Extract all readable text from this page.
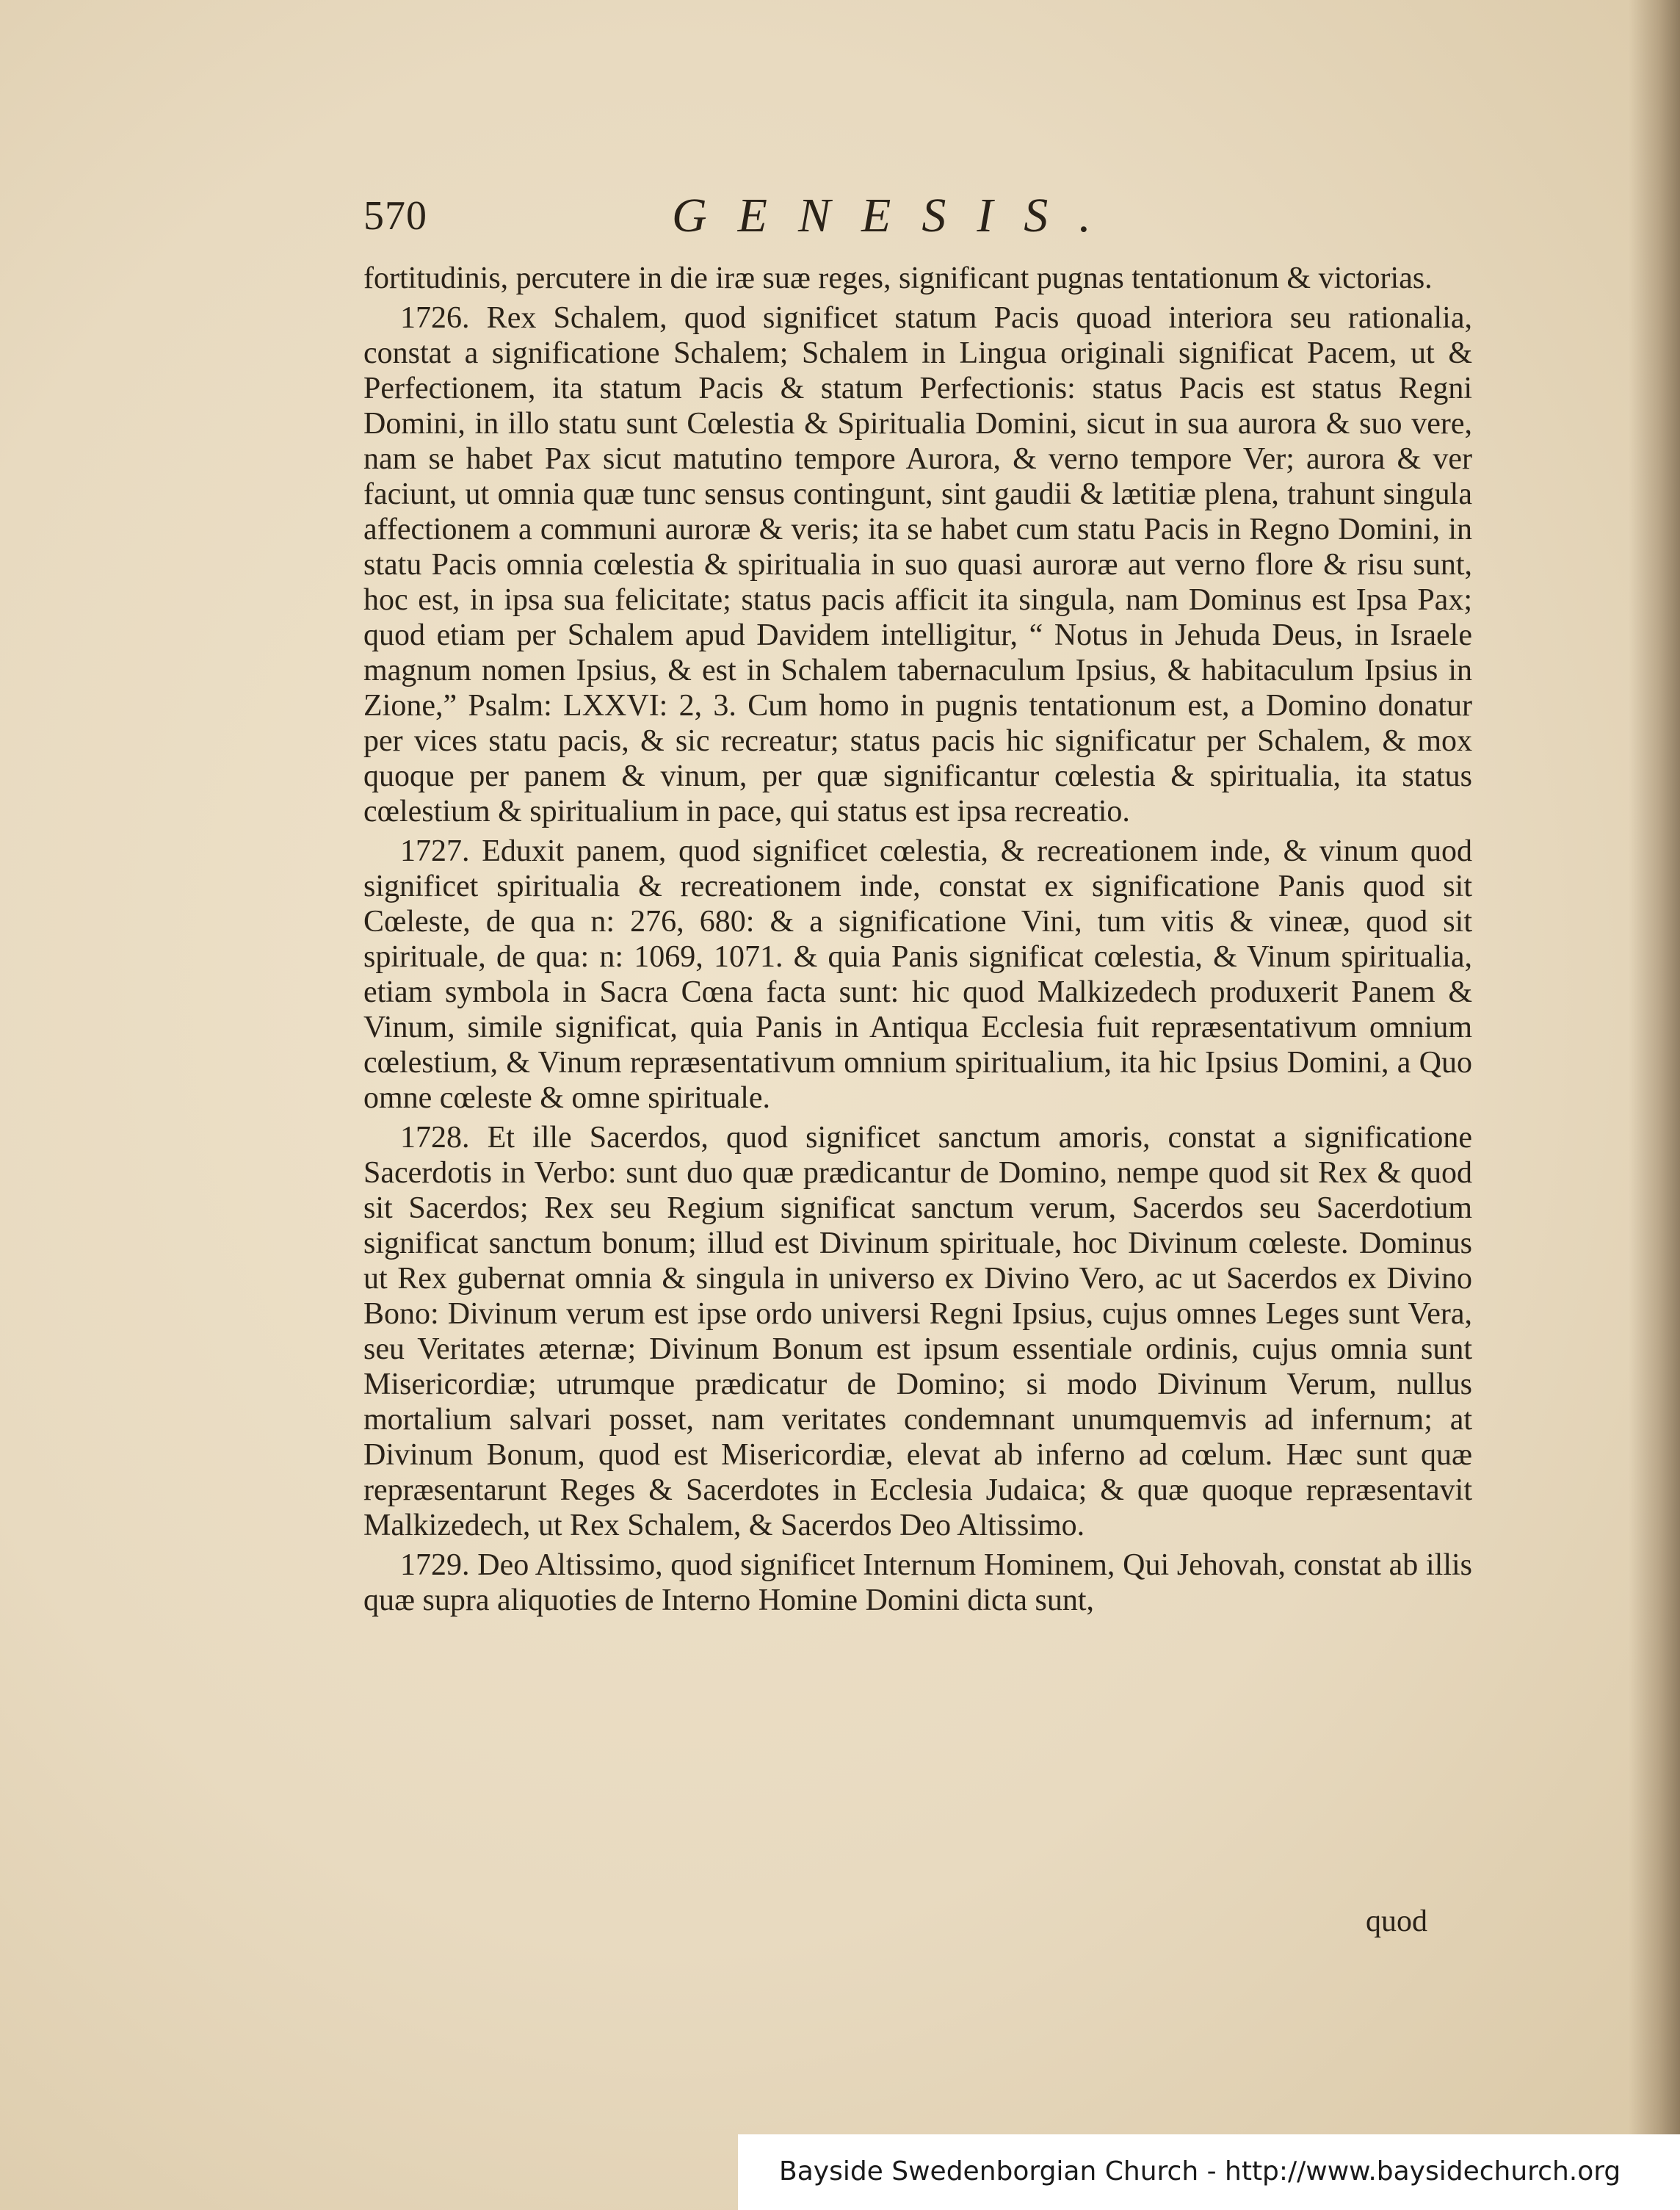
570	GENESIS.

fortitudinis, percutere in die iræ suæ reges, significant pugnas tentationum & victorias.

1726. Rex Schalem, quod significet statum Pacis quoad interiora seu rationalia, constat a significatione Schalem; Schalem in Lingua originali significat Pacem, ut & Perfectionem, ita statum Pacis & statum Perfectionis: status Pacis est status Regni Domini, in illo statu sunt Cœlestia & Spiritualia Domini, sicut in sua aurora & suo vere, nam se habet Pax sicut matutino tempore Aurora, & verno tempore Ver; aurora & ver faciunt, ut omnia quæ tunc sensus contingunt, sint gaudii & lætitiæ plena, trahunt singula affectionem a communi auroræ & veris; ita se habet cum statu Pacis in Regno Domini, in statu Pacis omnia cœlestia & spiritualia in suo quasi auroræ aut verno flore & risu sunt, hoc est, in ipsa sua felicitate; status pacis afficit ita singula, nam Dominus est Ipsa Pax; quod etiam per Schalem apud Davidem intelligitur, “ Notus in Jehuda Deus, in Israele magnum nomen Ipsius, & est in Schalem tabernaculum Ipsius, & habitaculum Ipsius in Zione,” Psalm: LXXVI: 2, 3. Cum homo in pugnis tentationum est, a Domino donatur per vices statu pacis, & sic recreatur; status pacis hic significatur per Schalem, & mox quoque per panem & vinum, per quæ significantur cœlestia & spiritualia, ita status cœlestium & spiritualium in pace, qui status est ipsa recreatio.

1727. Eduxit panem, quod significet cœlestia, & recreationem inde, & vinum quod significet spiritualia & recreationem inde, constat ex significatione Panis quod sit Cœleste, de qua n: 276, 680: & a significatione Vini, tum vitis & vineæ, quod sit spirituale, de qua: n: 1069, 1071. & quia Panis significat cœlestia, & Vinum spiritualia, etiam symbola in Sacra Cœna facta sunt: hic quod Malkizedech produxerit Panem & Vinum, simile significat, quia Panis in Antiqua Ecclesia fuit repræsentativum omnium cœlestium, & Vinum repræsentativum omnium spiritualium, ita hic Ipsius Domini, a Quo omne cœleste & omne spirituale.

1728. Et ille Sacerdos, quod significet sanctum amoris, constat a significatione Sacerdotis in Verbo: sunt duo quæ prædicantur de Domino, nempe quod sit Rex & quod sit Sacerdos; Rex seu Regium significat sanctum verum, Sacerdos seu Sacerdotium significat sanctum bonum; illud est Divinum spirituale, hoc Divinum cœleste. Dominus ut Rex gubernat omnia & singula in universo ex Divino Vero, ac ut Sacerdos ex Divino Bono: Divinum verum est ipse ordo universi Regni Ipsius, cujus omnes Leges sunt Vera, seu Veritates æternæ; Divinum Bonum est ipsum essentiale ordinis, cujus omnia sunt Misericordiæ; utrumque prædicatur de Domino; si modo Divinum Verum, nullus mortalium salvari posset, nam veritates condemnant unumquemvis ad infernum; at Divinum Bonum, quod est Misericordiæ, elevat ab inferno ad cœlum. Hæc sunt quæ repræsentarunt Reges & Sacerdotes in Ecclesia Judaica; & quæ quoque repræsentavit Malkizedech, ut Rex Schalem, & Sacerdos Deo Altissimo.

1729. Deo Altissimo, quod significet Internum Hominem, Qui Jehovah, constat ab illis quæ supra aliquoties de Interno Homine Domini dicta sunt,

quod
Bayside Swedenborgian Church - http://www.baysidechurch.org
